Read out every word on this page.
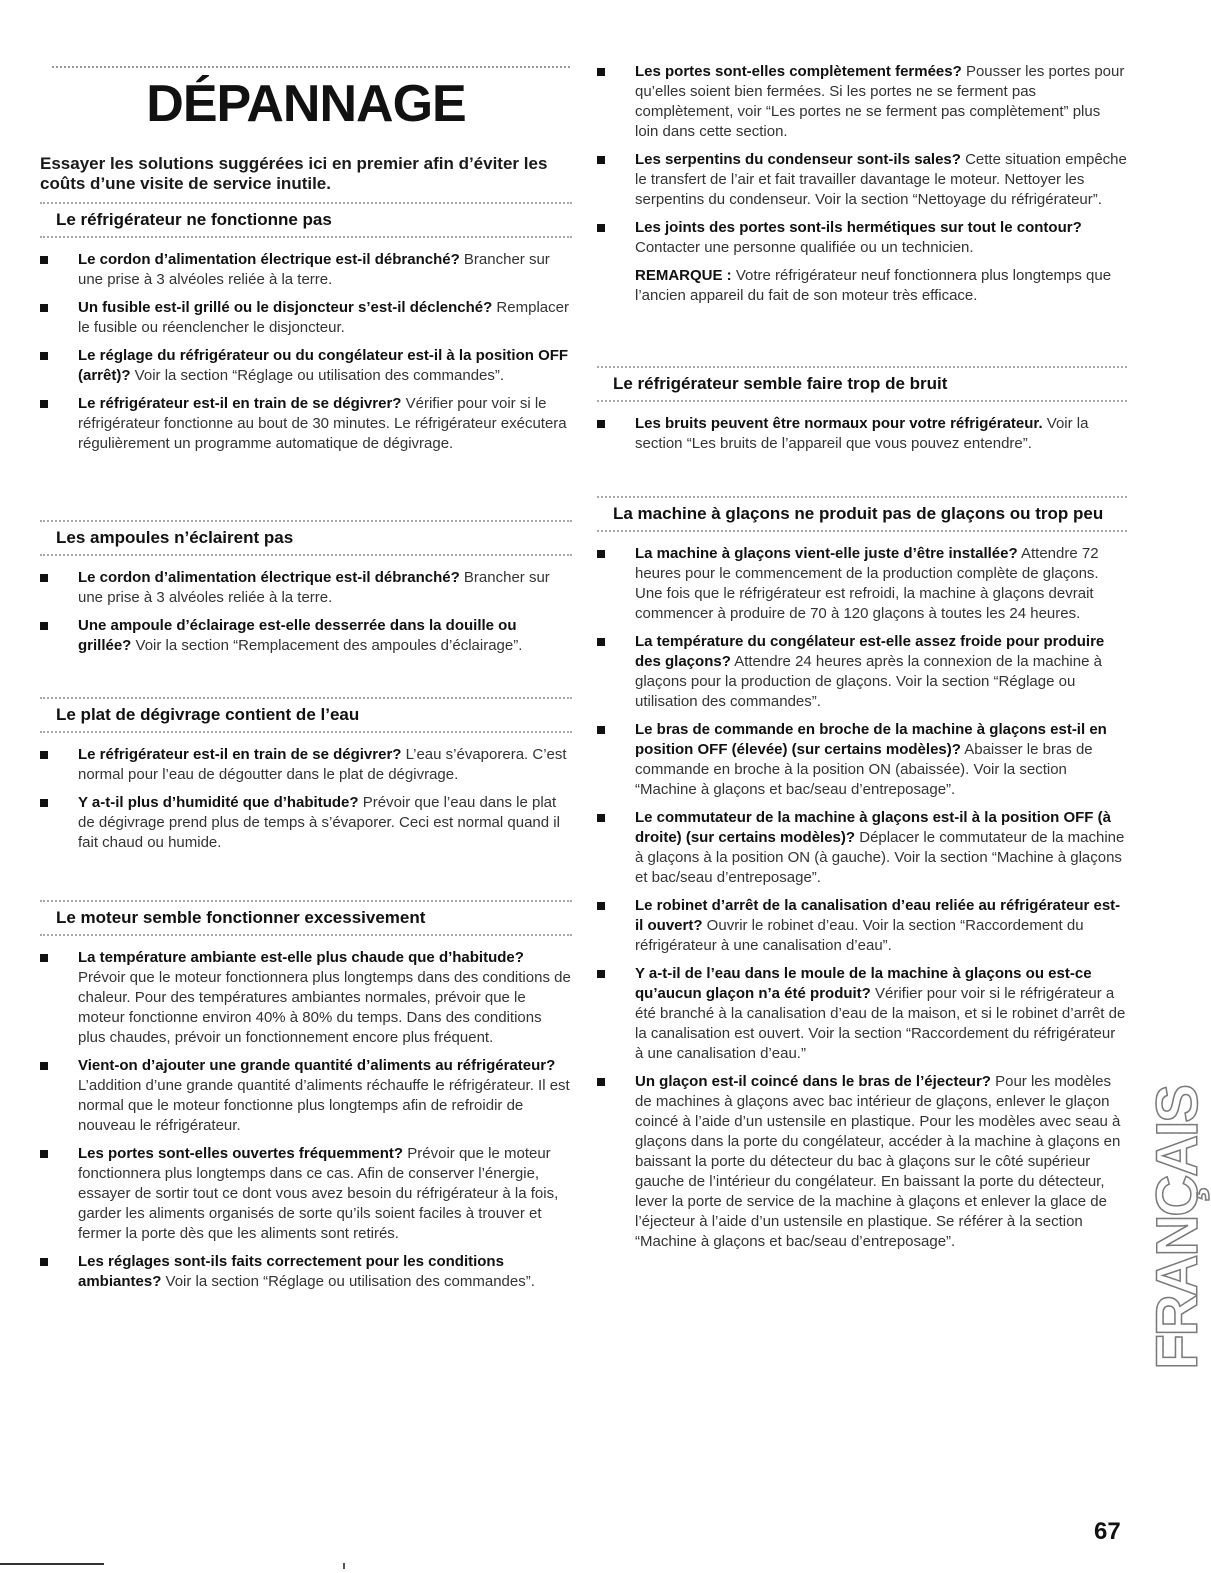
DÉPANNAGE

Essayer les solutions suggérées ici en premier afin d’éviter les coûts d’une visite de service inutile.

Le réfrigérateur ne fonctionne pas
Le cordon d’alimentation électrique est-il débranché? Brancher sur une prise à 3 alvéoles reliée à la terre.
Un fusible est-il grillé ou le disjoncteur s’est-il déclenché? Remplacer le fusible ou réenclencher le disjoncteur.
Le réglage du réfrigérateur ou du congélateur est-il à la position OFF (arrêt)? Voir la section “Réglage ou utilisation des commandes”.
Le réfrigérateur est-il en train de se dégivrer? Vérifier pour voir si le réfrigérateur fonctionne au bout de 30 minutes. Le réfrigérateur exécutera régulièrement un programme automatique de dégivrage.
Les ampoules n’éclairent pas
Le cordon d’alimentation électrique est-il débranché? Brancher sur une prise à 3 alvéoles reliée à la terre.
Une ampoule d’éclairage est-elle desserrée dans la douille ou grillée? Voir la section “Remplacement des ampoules d’éclairage”.
Le plat de dégivrage contient de l’eau
Le réfrigérateur est-il en train de se dégivrer? L’eau s’évaporera. C’est normal pour l’eau de dégoutter dans le plat de dégivrage.
Y a-t-il plus d’humidité que d’habitude? Prévoir que l’eau dans le plat de dégivrage prend plus de temps à s’évaporer. Ceci est normal quand il fait chaud ou humide.
Le moteur semble fonctionner excessivement
La température ambiante est-elle plus chaude que d’habitude? Prévoir que le moteur fonctionnera plus longtemps dans des conditions de chaleur. Pour des températures ambiantes normales, prévoir que le moteur fonctionne environ 40% à 80% du temps. Dans des conditions plus chaudes, prévoir un fonctionnement encore plus fréquent.
Vient-on d’ajouter une grande quantité d’aliments au réfrigérateur? L’addition d’une grande quantité d’aliments réchauffe le réfrigérateur. Il est normal que le moteur fonctionne plus longtemps afin de refroidir de nouveau le réfrigérateur.
Les portes sont-elles ouvertes fréquemment? Prévoir que le moteur fonctionnera plus longtemps dans ce cas. Afin de conserver l’énergie, essayer de sortir tout ce dont vous avez besoin du réfrigérateur à la fois, garder les aliments organisés de sorte qu’ils soient faciles à trouver et fermer la porte dès que les aliments sont retirés.
Les réglages sont-ils faits correctement pour les conditions ambiantes? Voir la section “Réglage ou utilisation des commandes”.
Les portes sont-elles complètement fermées? Pousser les portes pour qu’elles soient bien fermées. Si les portes ne se ferment pas complètement, voir “Les portes ne se ferment pas complètement” plus loin dans cette section.
Les serpentins du condenseur sont-ils sales? Cette situation empêche le transfert de l’air et fait travailler davantage le moteur. Nettoyer les serpentins du condenseur. Voir la section “Nettoyage du réfrigérateur”.
Les joints des portes sont-ils hermétiques sur tout le contour? Contacter une personne qualifiée ou un technicien.
REMARQUE : Votre réfrigérateur neuf fonctionnera plus longtemps que l’ancien appareil du fait de son moteur très efficace.
Le réfrigérateur semble faire trop de bruit
Les bruits peuvent être normaux pour votre réfrigérateur. Voir la section “Les bruits de l’appareil que vous pouvez entendre”.
La machine à glaçons ne produit pas de glaçons ou trop peu
La machine à glaçons vient-elle juste d’être installée? Attendre 72 heures pour le commencement de la production complète de glaçons. Une fois que le réfrigérateur est refroidi, la machine à glaçons devrait commencer à produire de 70 à 120 glaçons à toutes les 24 heures.
La température du congélateur est-elle assez froide pour produire des glaçons? Attendre 24 heures après la connexion de la machine à glaçons pour la production de glaçons. Voir la section “Réglage ou utilisation des commandes”.
Le bras de commande en broche de la machine à glaçons est-il en position OFF (élevée) (sur certains modèles)? Abaisser le bras de commande en broche à la position ON (abaissée). Voir la section “Machine à glaçons et bac/seau d’entreposage”.
Le commutateur de la machine à glaçons est-il à la position OFF (à droite) (sur certains modèles)? Déplacer le commutateur de la machine à glaçons à la position ON (à gauche). Voir la section “Machine à glaçons et bac/seau d’entreposage”.
Le robinet d’arrêt de la canalisation d’eau reliée au réfrigérateur est-il ouvert? Ouvrir le robinet d’eau. Voir la section “Raccordement du réfrigérateur à une canalisation d’eau”.
Y a-t-il de l’eau dans le moule de la machine à glaçons ou est-ce qu’aucun glaçon n’a été produit? Vérifier pour voir si le réfrigérateur a été branché à la canalisation d’eau de la maison, et si le robinet d’arrêt de la canalisation est ouvert. Voir la section “Raccordement du réfrigérateur à une canalisation d’eau.”
Un glaçon est-il coincé dans le bras de l’éjecteur? Pour les modèles de machines à glaçons avec bac intérieur de glaçons, enlever le glaçon coincé à l’aide d’un ustensile en plastique. Pour les modèles avec seau à glaçons dans la porte du congélateur, accéder à la machine à glaçons en baissant la porte du détecteur du bac à glaçons sur le côté supérieur gauche de l’intérieur du congélateur. En baissant la porte du détecteur, lever la porte de service de la machine à glaçons et enlever la glace de l’éjecteur à l’aide d’un ustensile en plastique. Se référer à la section “Machine à glaçons et bac/seau d’entreposage”.	FRANÇAIS
67
